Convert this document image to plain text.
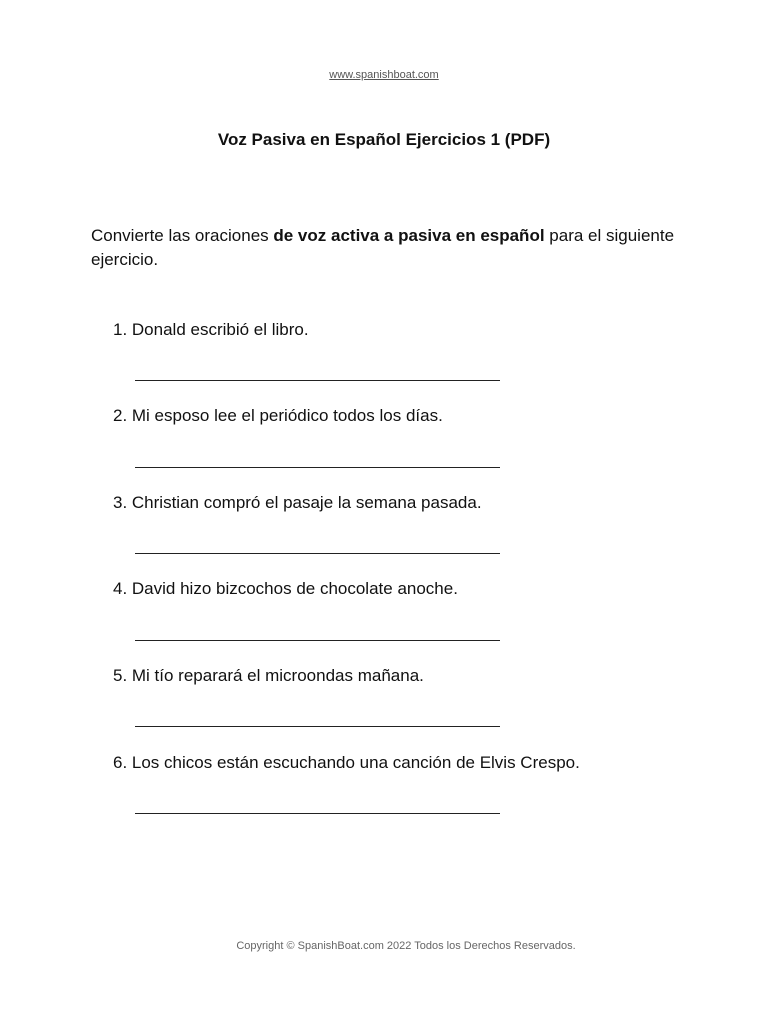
www.spanishboat.com
Voz Pasiva en Español Ejercicios 1 (PDF)
Convierte las oraciones de voz activa a pasiva en español para el siguiente ejercicio.
1. Donald escribió el libro.
2. Mi esposo lee el periódico todos los días.
3. Christian compró el pasaje la semana pasada.
4. David hizo bizcochos de chocolate anoche.
5. Mi tío reparará el microondas mañana.
6. Los chicos están escuchando una canción de Elvis Crespo.
Copyright © SpanishBoat.com 2022 Todos los Derechos Reservados.
